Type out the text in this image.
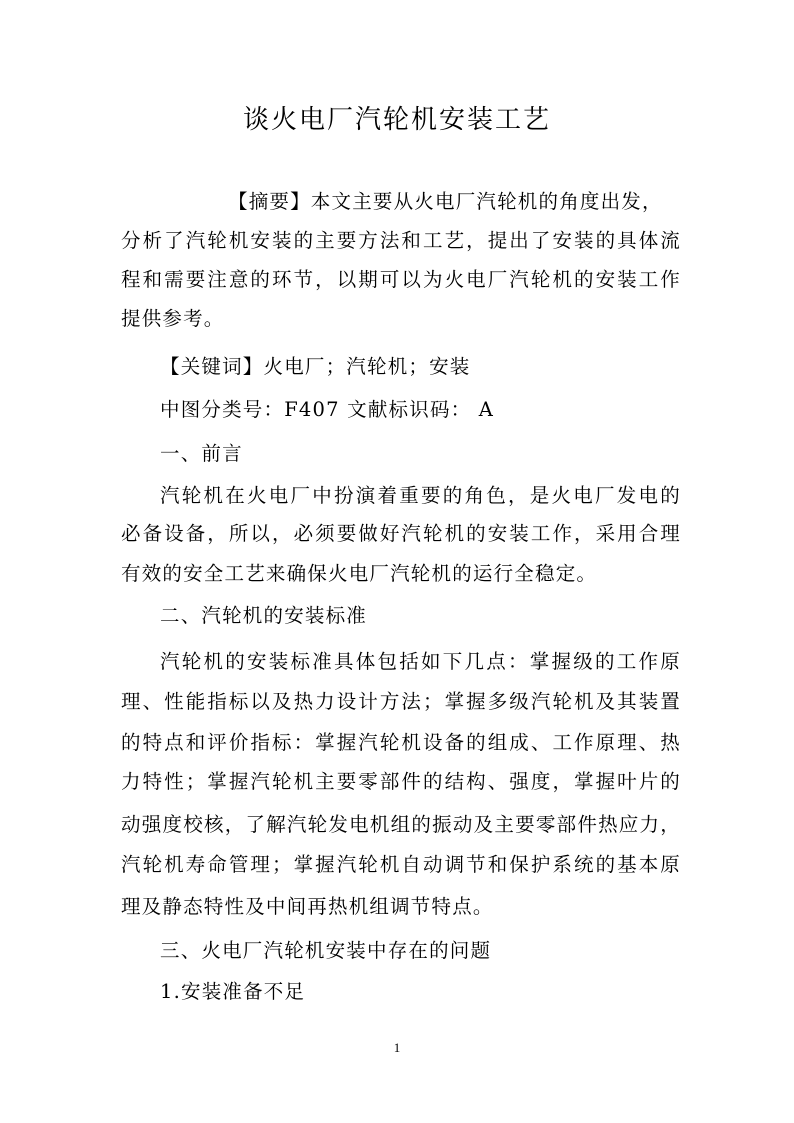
谈火电厂汽轮机安装工艺
【摘要】本文主要从火电厂汽轮机的角度出发，
分析了汽轮机安装的主要方法和工艺，提出了安装的具体流
程和需要注意的环节，以期可以为火电厂汽轮机的安装工作
提供参考。
【关键词】火电厂；汽轮机；安装
中图分类号：F407 文献标识码： A
一、前言
汽轮机在火电厂中扮演着重要的角色，是火电厂发电的
必备设备，所以，必须要做好汽轮机的安装工作，采用合理
有效的安全工艺来确保火电厂汽轮机的运行全稳定。
二、汽轮机的安装标准
汽轮机的安装标准具体包括如下几点：掌握级的工作原
理、性能指标以及热力设计方法；掌握多级汽轮机及其装置
的特点和评价指标：掌握汽轮机设备的组成、工作原理、热
力特性；掌握汽轮机主要零部件的结构、强度，掌握叶片的
动强度校核，了解汽轮发电机组的振动及主要零部件热应力，
汽轮机寿命管理；掌握汽轮机自动调节和保护系统的基本原
理及静态特性及中间再热机组调节特点。
三、火电厂汽轮机安装中存在的问题
1.安装准备不足
1
